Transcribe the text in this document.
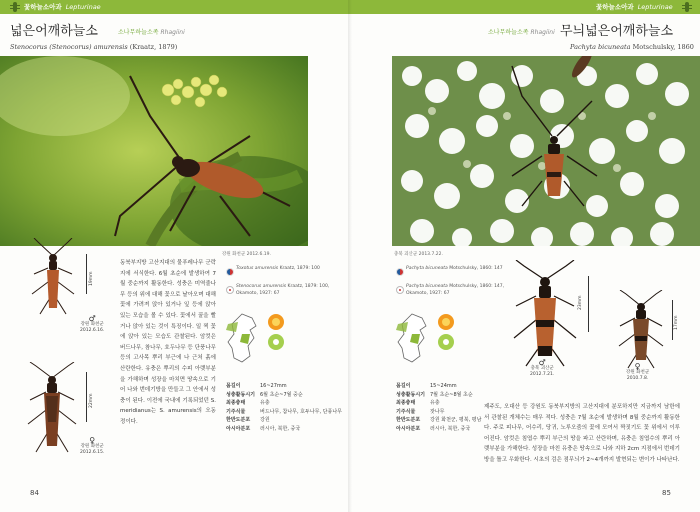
꽃하늘소아과 Lepturinae
넓은어깨하늘소	소나무하늘소족 Rhagiini
Stenocorus (Stenocorus) amurensis (Kraatz, 1879)
강원 화천군 2012.6.19.
19mm
♂
강원 화천군
2012.6.16.
22mm
♀
강원 화천군
2012.6.15.
동북부지방 고산지대의 물푸레나무 군락지에 서식한다. 6월 초순에 발생하여 7월 중순까지 활동한다. 성충은 미역줄나무 등의 위에 대해 꽃으로 날아오며 대해 꽃에 가려져 앉아 있거나 잎 등에 앉아 있는 모습을 볼 수 있다. 꽃에서 꿀을 빨거나 앉아 있는 것이 특징이다. 일 찍 꽃에 앉아 있는 모습도 관찰된다. 암컷은 버드나무, 참나무, 호두나무 등 단풍나무 등의 고사목 뿌리 부근에 나 근처 흙에 산란한다. 유충은 뿌리의 수피 아랫부분을 가해하며 성장을 마치면 땅속으로 기어 나와 번데기방을 만들고 그 안에서 성충이 된다. 이전에 국내에 기록되었던 S. meridianus는 S. amurensis의 오동정이다.
Toxotus amurensis Kraatz, 1879: 100
Stenocorus amurensis Kraatz, 1879: 100, Okamoto, 1927: 67
몸길이	16~27mm
성충활동시기	6월 초순~7월 중순
최종충태	유충
기주식물	버드나무, 참나무, 호두나무, 단풍나무
한반도분포	강원
아시아분포	러시아, 북한, 중국
84
꽃하늘소아과 Lepturinae
소나무하늘소족 Rhagiini 무늬넓은어깨하늘소
Pachyta bicuneata Motschulsky, 1860
충북 괴산군 2013.7.22.
Pachyta bicuneata Motschulsky, 1860: 147
Pachyta bicuneata Motschulsky, 1860: 147, Okamoto, 1927: 67
몸길이	15~24mm
성충활동시기	7월 초순~8월 초순
최종충태	유충
기주식물	잣나무
한반도분포	강원 화천군, 평북, 평남
아시아분포	러시아, 북한, 중국
23mm
♂
충북 괴산군
2012.7.21.
17mm
♀
강원 화천군
2010.7.8.
제주도, 오대산 등 강원도 동북부지방의 고산지대에 분포하지만 지금까지 남한에서 관찰된 개체수는 매우 적다. 성충은 7월 초순에 발생하며 8월 중순까지 활동한다. 주로 피나무, 어수리, 당귀, 노루오줌의 꽃에 모여서 짝짓기도 꽃 위에서 이루어진다. 암컷은 침엽수 뿌리 부근의 땅을 파고 산란하며, 유충은 침엽수의 뿌리 아랫부분을 가해한다. 성장을 마친 유충은 땅속으로 나와 지하 2cm 지점에서 번데기방을 틀고 우화한다. 시초의 검은 점무늬가 2~4개까지 발현되는 변이가 나타난다.
85
